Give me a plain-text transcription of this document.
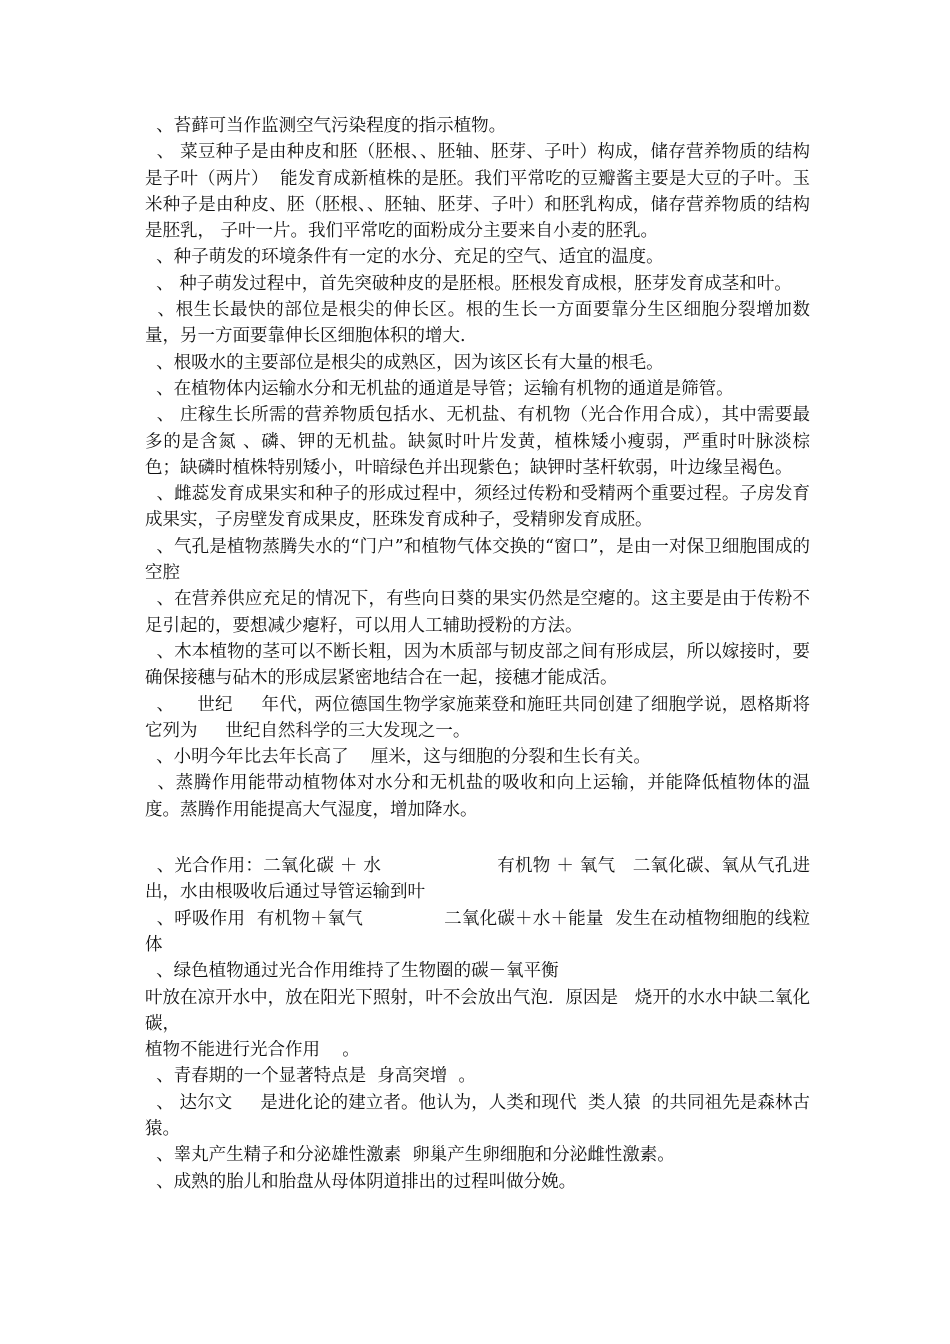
、苔藓可当作监测空气污染程度的指示植物。

、 菜豆种子是由种皮和胚（胚根、、胚轴、胚芽、子叶）构成，储存营养物质的结构是子叶（两片）  能发育成新植株的是胚。我们平常吃的豆瓣酱主要是大豆的子叶。玉米种子是由种皮、胚（胚根、、胚轴、胚芽、子叶）和胚乳构成，储存营养物质的结构是胚乳， 子叶一片。我们平常吃的面粉成分主要来自小麦的胚乳。

、种子萌发的环境条件有一定的水分、充足的空气、适宜的温度。

、 种子萌发过程中，首先突破种皮的是胚根。胚根发育成根，胚芽发育成茎和叶。

、根生长最快的部位是根尖的伸长区。根的生长一方面要靠分生区细胞分裂增加数量，另一方面要靠伸长区细胞体积的增大.

、根吸水的主要部位是根尖的成熟区，因为该区长有大量的根毛。

、在植物体内运输水分和无机盐的通道是导管；运输有机物的通道是筛管。

、 庄稼生长所需的营养物质包括水、无机盐、有机物（光合作用合成），其中需要最多的是含氮 、磷、钾的无机盐。缺氮时叶片发黄，植株矮小瘦弱，严重时叶脉淡棕色；缺磷时植株特别矮小，叶暗绿色并出现紫色；缺钾时茎杆软弱，叶边缘呈褐色。

、雌蕊发育成果实和种子的形成过程中，须经过传粉和受精两个重要过程。子房发育成果实，子房壁发育成果皮，胚珠发育成种子，受精卵发育成胚。

、气孔是植物蒸腾失水的“门户”和植物气体交换的“窗口”，是由一对保卫细胞围成的空腔

、在营养供应充足的情况下，有些向日葵的果实仍然是空瘪的。这主要是由于传粉不足引起的，要想减少瘪籽，可以用人工辅助授粉的方法。

、木本植物的茎可以不断长粗，因为木质部与韧皮部之间有形成层，所以嫁接时，要确保接穗与砧木的形成层紧密地结合在一起，接穗才能成活。

、    世纪     年代，两位德国生物学家施莱登和施旺共同创建了细胞学说，恩格斯将它列为     世纪自然科学的三大发现之一。

、小明今年比去年长高了    厘米，这与细胞的分裂和生长有关。

、蒸腾作用能带动植物体对水分和无机盐的吸收和向上运输，并能降低植物体的温度。蒸腾作用能提高大气湿度，增加降水。

、光合作用：二氧化碳 ＋ 水                    有机物 ＋ 氧气   二氧化碳、氧从气孔进出，水由根吸收后通过导管运输到叶

、呼吸作用  有机物＋氧气              二氧化碳＋水＋能量  发生在动植物细胞的线粒体

、绿色植物通过光合作用维持了生物圈的碳－氧平衡

叶放在凉开水中，放在阳光下照射，叶不会放出气泡．原因是   烧开的水水中缺二氧化碳，

植物不能进行光合作用    。

、青春期的一个显著特点是  身高突增  。

、 达尔文     是进化论的建立者。他认为，人类和现代  类人猿  的共同祖先是森林古猿。

、睾丸产生精子和分泌雄性激素  卵巢产生卵细胞和分泌雌性激素。

、成熟的胎儿和胎盘从母体阴道排出的过程叫做分娩。
